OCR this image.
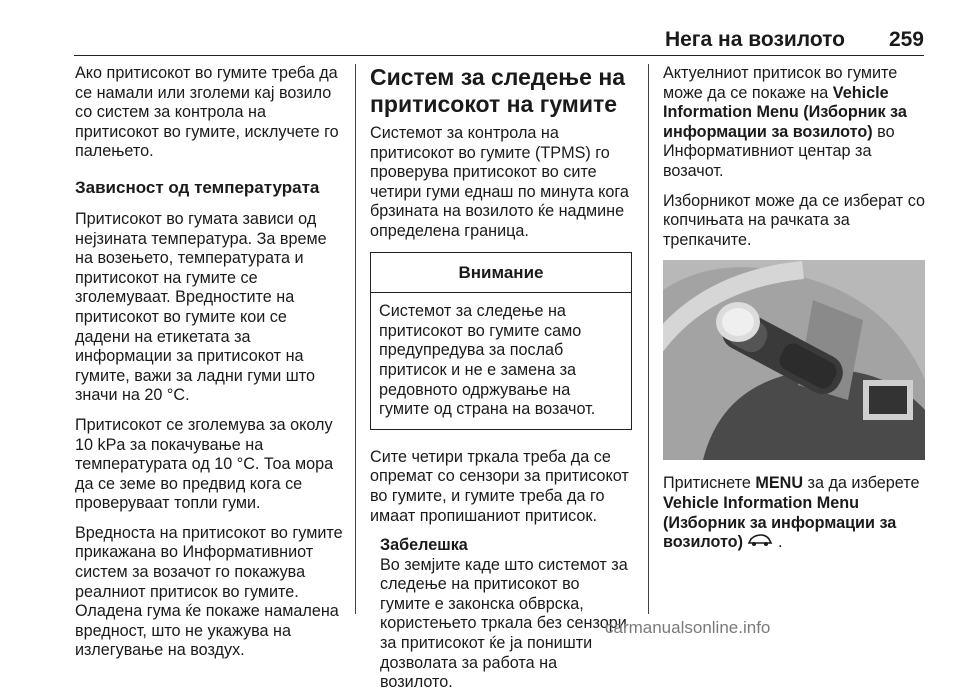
Нега на возилото 259

Ако притисокот во гумите треба да се намали или зголеми кај возило со систем за контрола на притисокот во гумите, исклучете го палењето.

Зависност од температурата

Притисокот во гумата зависи од нејзината температура. За време на возењето, температурата и притисокот на гумите се зголемуваат. Вредностите на притисокот во гумите кои се дадени на етикетата за информации за притисокот на гумите, важи за ладни гуми што значи на 20 °C.

Притисокот се зголемува за околу 10 kPa за покачување на температурата од 10 °C. Тоа мора да се земе во предвид кога се проверуваат топли гуми.

Вредноста на притисокот во гумите прикажана во Информативниот систем за возачот го покажува реалниот притисок во гумите. Оладена гума ќе покаже намалена вредност, што не укажува на излегување на воздух.

Систем за следење на притисокот на гумите

Системот за контрола на притисокот во гумите (TPMS) го проверува притисокот во сите четири гуми еднаш по минута кога брзината на возилото ќе надмине определена граница.

Внимание
Системот за следење на притисокот во гумите само предупредува за послаб притисок и не е замена за редовното одржување на гумите од страна на возачот.

Сите четири тркала треба да се опремат со сензори за притисокот во гумите, и гумите треба да го имаат пропишаниот притисок.

Забелешка
Во земјите каде што системот за следење на притисокот во гумите е законска обврска, користењето тркала без сензори за притисокот ќе ја поништи дозволата за работа на возилото.

Актуелниот притисок во гумите може да се покаже на Vehicle Information Menu (Изборник за информации за возилото) во Информативниот центар за возачот.

Изборникот може да се изберат со копчињата на рачката за трепкачите.

Притиснете MENU за да изберете Vehicle Information Menu (Изборник за информации за возилото)  .

carmanualsonline.info
